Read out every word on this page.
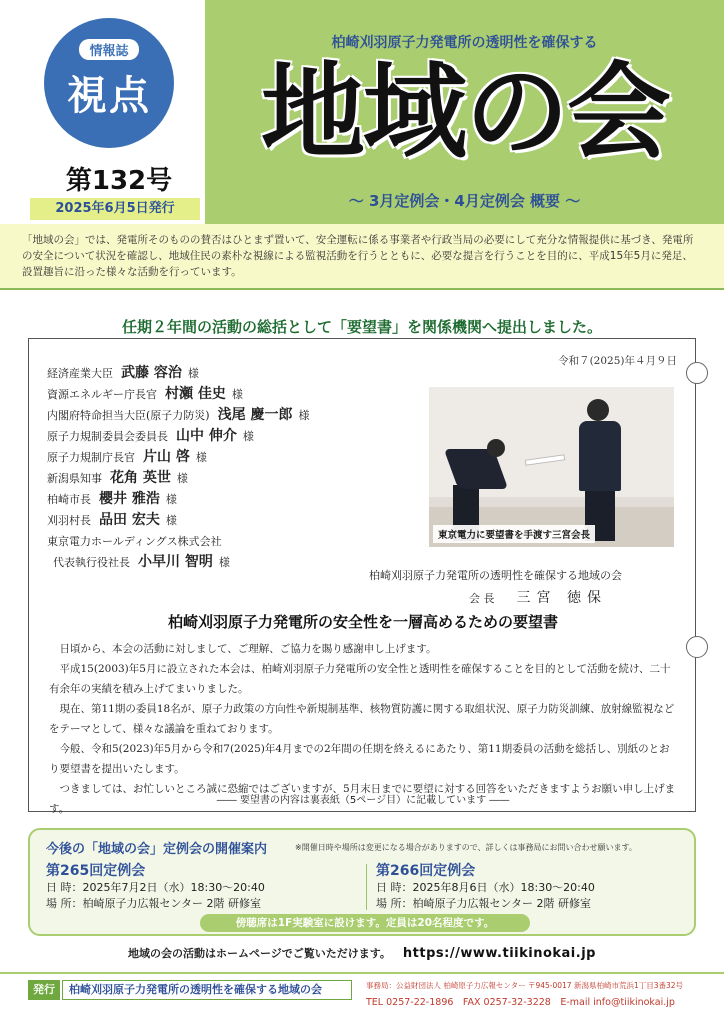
情報誌
視点
第132号
2025年6月5日発行
柏崎刈羽原子力発電所の透明性を確保する
地域の会
～ 3月定例会・4月定例会 概要 ～
「地域の会」では、発電所そのものの賛否はひとまず置いて、安全運転に係る事業者や行政当局の必要にして充分な情報提供に基づき、発電所の安全について状況を確認し、地域住民の素朴な視線による監視活動を行うとともに、必要な提言を行うことを目的に、平成15年5月に発足、設置趣旨に沿った様々な活動を行っています。
任期２年間の活動の総括として「要望書」を関係機関へ提出しました。
令和７(2025)年４月９日
経済産業大臣 武藤 容治 様
資源エネルギー庁長官 村瀬 佳史 様
内閣府特命担当大臣(原子力防災) 浅尾 慶一郎 様
原子力規制委員会委員長 山中 伸介 様
原子力規制庁長官 片山 啓 様
新潟県知事 花角 英世 様
柏崎市長 櫻井 雅浩 様
刈羽村長 品田 宏夫 様
東京電力ホールディングス株式会社
代表執行役社長 小早川 智明 様
東京電力に要望書を手渡す三宮会長
柏崎刈羽原子力発電所の透明性を確保する地域の会
会 長 三宮 徳保
柏崎刈羽原子力発電所の安全性を一層高めるための要望書

日頃から、本会の活動に対しまして、ご理解、ご協力を賜り感謝申し上げます。

平成15(2003)年5月に設立された本会は、柏崎刈羽原子力発電所の安全性と透明性を確保することを目的として活動を続け、二十有余年の実績を積み上げてまいりました。

現在、第11期の委員18名が、原子力政策の方向性や新規制基準、核物質防護に関する取組状況、原子力防災訓練、放射線監視などをテーマとして、様々な議論を重ねております。

今般、令和5(2023)年5月から令和7(2025)年4月までの2年間の任期を終えるにあたり、第11期委員の活動を総括し、別紙のとおり要望書を提出いたします。

つきましては、お忙しいところ誠に恐縮ではございますが、5月末日までに要望に対する回答をいただきますようお願い申し上げます。

―― 要望書の内容は裏表紙（5ページ目）に記載しています ――
今後の「地域の会」定例会の開催案内	※開催日時や場所は変更になる場合がありますので、詳しくは事務局にお問い合わせ願います。
第265回定例会
日 時：2025年7月2日（水）18:30～20:40
場 所：柏崎原子力広報センター 2階 研修室
第266回定例会
日 時：2025年8月6日（水）18:30～20:40
場 所：柏崎原子力広報センター 2階 研修室
傍聴席は1F実験室に設けます。定員は20名程度です。
地域の会の活動はホームページでご覧いただけます。 https://www.tiikinokai.jp
発行	柏崎刈羽原子力発電所の透明性を確保する地域の会	事務局：公益財団法人 柏崎原子力広報センター 〒945-0017 新潟県柏崎市荒浜1丁目3番32号
TEL 0257-22-1896　FAX 0257-32-3228　E-mail info@tiikinokai.jp
